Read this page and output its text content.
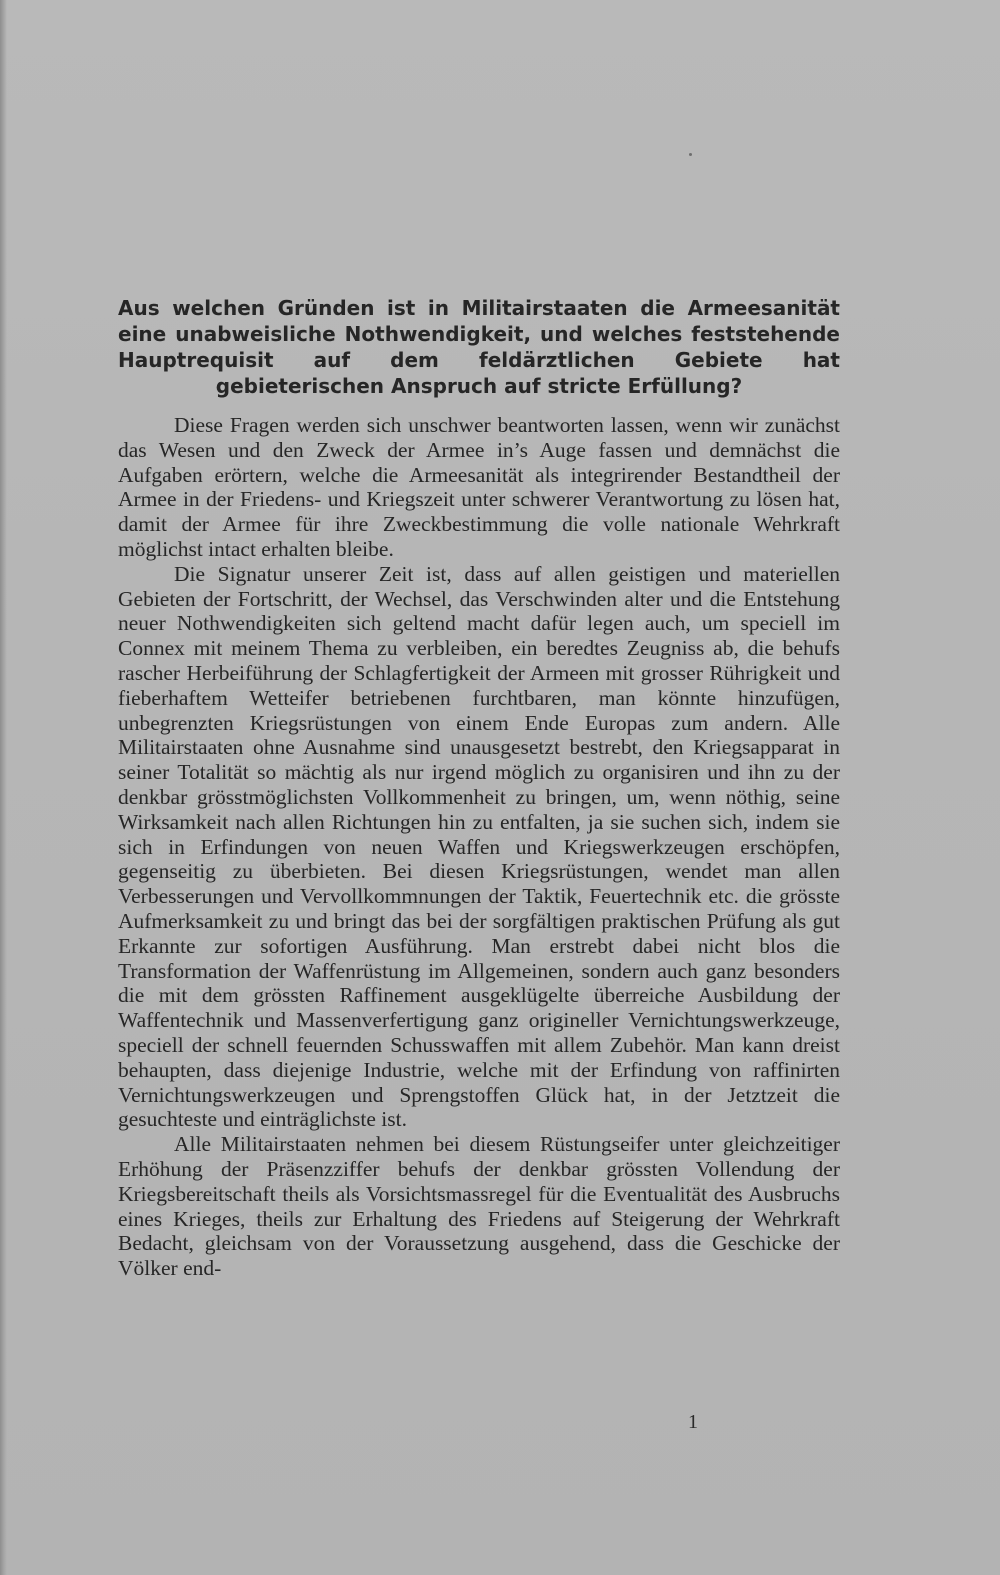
Aus welchen Gründen ist in Militairstaaten die Armeesanität eine unabweisliche Nothwendigkeit, und welches feststehende Hauptrequisit auf dem feldärztlichen Gebiete hat gebieterischen Anspruch auf stricte Erfüllung?

Diese Fragen werden sich unschwer beantworten lassen, wenn wir zunächst das Wesen und den Zweck der Armee in’s Auge fassen und demnächst die Aufgaben erörtern, welche die Armeesanität als integrirender Bestandtheil der Armee in der Friedens- und Kriegszeit unter schwerer Verantwortung zu lösen hat, damit der Armee für ihre Zweckbestimmung die volle nationale Wehrkraft möglichst intact erhalten bleibe.

Die Signatur unserer Zeit ist, dass auf allen geistigen und materiellen Gebieten der Fortschritt, der Wechsel, das Verschwinden alter und die Entstehung neuer Nothwendigkeiten sich geltend macht dafür legen auch, um speciell im Connex mit meinem Thema zu verbleiben, ein beredtes Zeugniss ab, die behufs rascher Herbeiführung der Schlagfertigkeit der Armeen mit grosser Rührigkeit und fieberhaftem Wetteifer betriebenen furchtbaren, man könnte hinzufügen, unbegrenzten Kriegsrüstungen von einem Ende Europas zum andern. Alle Militairstaaten ohne Ausnahme sind unausgesetzt bestrebt, den Kriegsapparat in seiner Totalität so mächtig als nur irgend möglich zu organisiren und ihn zu der denkbar grösstmöglichsten Vollkommenheit zu bringen, um, wenn nöthig, seine Wirksamkeit nach allen Richtungen hin zu entfalten, ja sie suchen sich, indem sie sich in Erfindungen von neuen Waffen und Kriegswerkzeugen erschöpfen, gegenseitig zu überbieten. Bei diesen Kriegsrüstungen, wendet man allen Verbesserungen und Vervollkommnungen der Taktik, Feuertechnik etc. die grösste Aufmerksamkeit zu und bringt das bei der sorgfältigen praktischen Prüfung als gut Erkannte zur sofortigen Ausführung. Man erstrebt dabei nicht blos die Transformation der Waffenrüstung im Allgemeinen, sondern auch ganz besonders die mit dem grössten Raffinement ausgeklügelte überreiche Ausbildung der Waffentechnik und Massenverfertigung ganz origineller Vernichtungswerkzeuge, speciell der schnell feuernden Schusswaffen mit allem Zubehör. Man kann dreist behaupten, dass diejenige Industrie, welche mit der Erfindung von raffinirten Vernichtungswerkzeugen und Sprengstoffen Glück hat, in der Jetztzeit die gesuchteste und einträglichste ist.

Alle Militairstaaten nehmen bei diesem Rüstungseifer unter gleichzeitiger Erhöhung der Präsenzziffer behufs der denkbar grössten Vollendung der Kriegsbereitschaft theils als Vorsichtsmassregel für die Eventualität des Ausbruchs eines Krieges, theils zur Erhaltung des Friedens auf Steigerung der Wehrkraft Bedacht, gleichsam von der Voraussetzung ausgehend, dass die Geschicke der Völker end-

1
